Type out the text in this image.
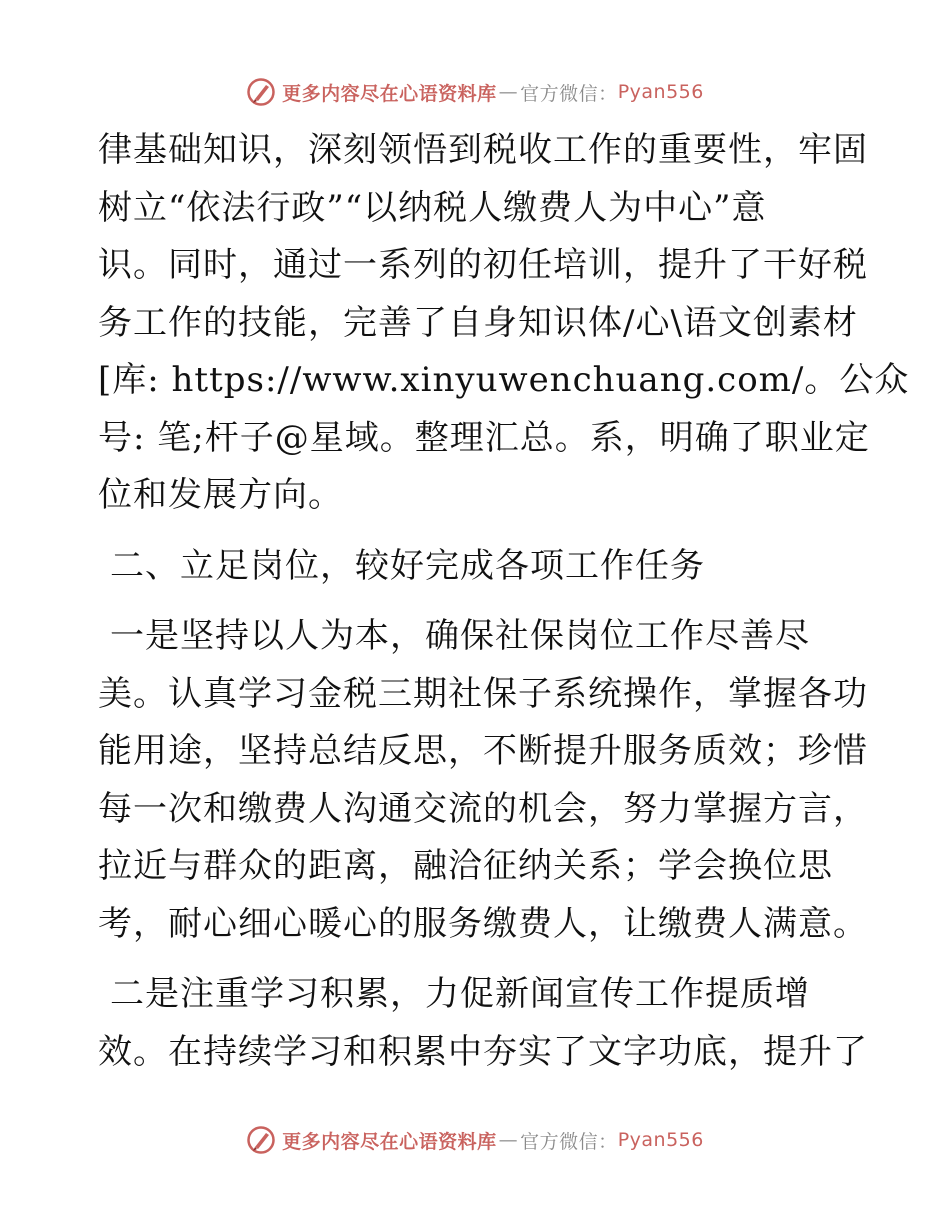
更多内容尽在心语资料库 — 官方微信： Pyan556
律基础知识，深刻领悟到税收工作的重要性，牢固
树立“依法行政”“以纳税人缴费人为中心”意
识。同时，通过一系列的初任培训，提升了干好税
务工作的技能，完善了自身知识体/心\语文创素材
[库: https://www.xinyuwenchuang.com/。公众
号: 笔;杆子@星域。整理汇总。系，明确了职业定
位和发展方向。
二、立足岗位，较好完成各项工作任务
一是坚持以人为本，确保社保岗位工作尽善尽
美。认真学习金税三期社保子系统操作，掌握各功
能用途，坚持总结反思，不断提升服务质效；珍惜
每一次和缴费人沟通交流的机会，努力掌握方言，
拉近与群众的距离，融洽征纳关系；学会换位思
考，耐心细心暖心的服务缴费人，让缴费人满意。
二是注重学习积累，力促新闻宣传工作提质增
效。在持续学习和积累中夯实了文字功底，提升了
更多内容尽在心语资料库 — 官方微信： Pyan556
